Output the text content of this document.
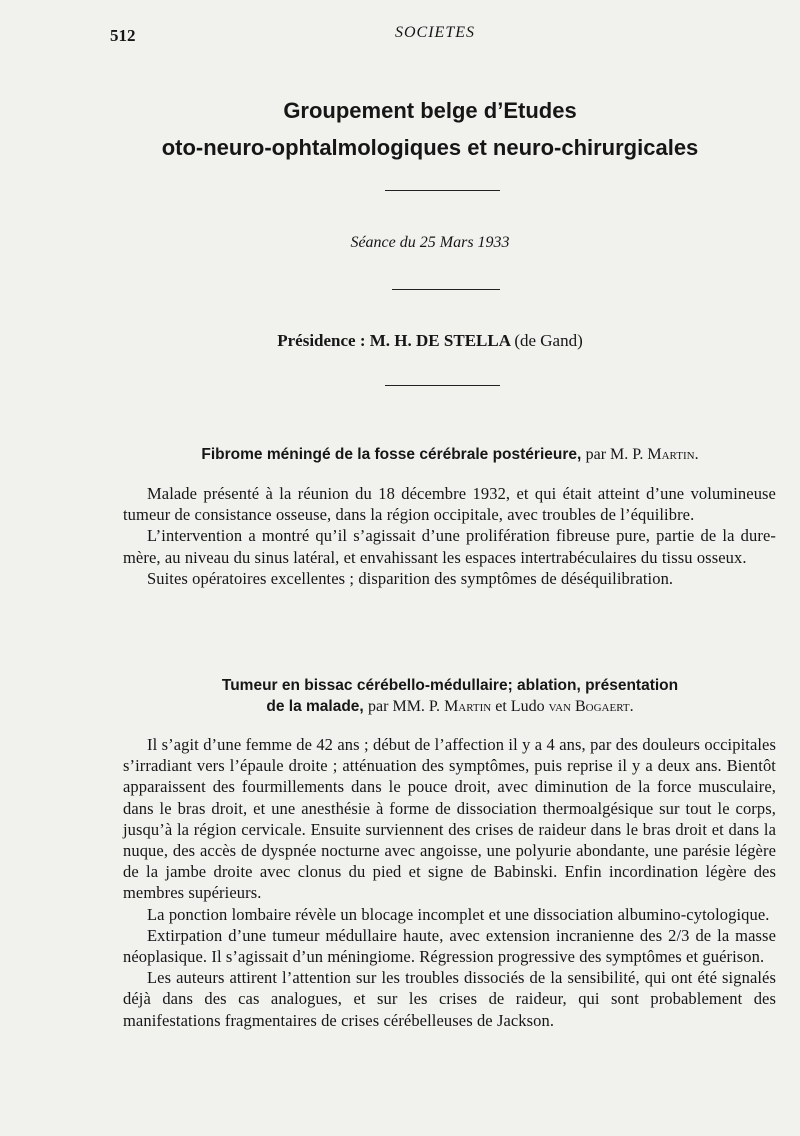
512	SOCIETES
Groupement belge d’Etudes
oto-neuro-ophtalmologiques et neuro-chirurgicales
Séance du 25 Mars 1933
Présidence : M. H. DE STELLA (de Gand)
Fibrome méningé de la fosse cérébrale postérieure, par M. P. Martin.

Malade présenté à la réunion du 18 décembre 1932, et qui était atteint d’une volumineuse tumeur de consistance osseuse, dans la région occipitale, avec troubles de l’équilibre.

L’intervention a montré qu’il s’agissait d’une prolifération fibreuse pure, partie de la dure-mère, au niveau du sinus latéral, et envahissant les espaces intertrabéculaires du tissu osseux.

Suites opératoires excellentes ; disparition des symptômes de déséquilibration.

Tumeur en bissac cérébello-médullaire; ablation, présentation
de la malade, par MM. P. Martin et Ludo van Bogaert.

Il s’agit d’une femme de 42 ans ; début de l’affection il y a 4 ans, par des douleurs occipitales s’irradiant vers l’épaule droite ; atténuation des symptômes, puis reprise il y a deux ans. Bientôt apparaissent des fourmillements dans le pouce droit, avec diminution de la force musculaire, dans le bras droit, et une anesthésie à forme de dissociation thermoalgésique sur tout le corps, jusqu’à la région cervicale. Ensuite surviennent des crises de raideur dans le bras droit et dans la nuque, des accès de dyspnée nocturne avec angoisse, une polyurie abondante, une parésie légère de la jambe droite avec clonus du pied et signe de Babinski. Enfin incordination légère des membres supérieurs.

La ponction lombaire révèle un blocage incomplet et une dissociation albumino-cytologique.

Extirpation d’une tumeur médullaire haute, avec extension incranienne des 2/3 de la masse néoplasique. Il s’agissait d’un méningiome. Régression progressive des symptômes et guérison.

Les auteurs attirent l’attention sur les troubles dissociés de la sensibilité, qui ont été signalés déjà dans des cas analogues, et sur les crises de raideur, qui sont probablement des manifestations fragmentaires de crises cérébelleuses de Jackson.
